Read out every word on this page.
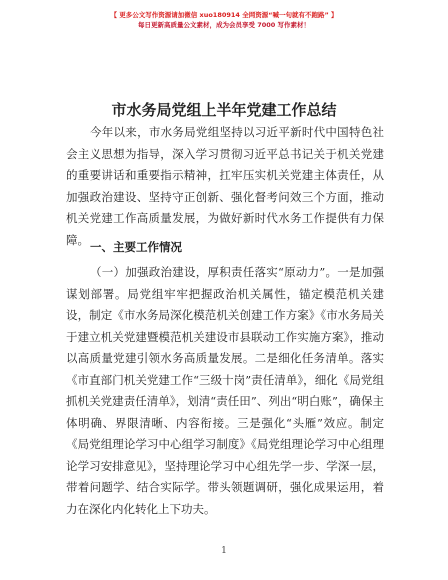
【 更多公文写作资源请加微信 xuo180914 全网资源“喊一句就有不跑路” 】
每日更新高质量公文素材，成为会员享受 7000 写作素材！
市水务局党组上半年党建工作总结

今年以来，市水务局党组坚持以习近平新时代中国特色社会主义思想为指导，深入学习贯彻习近平总书记关于机关党建的重要讲话和重要指示精神，扛牢压实机关党建主体责任，从加强政治建设、坚持守正创新、强化督考问效三个方面，推动机关党建工作高质量发展，为做好新时代水务工作提供有力保障。

一、主要工作情况

（一）加强政治建设，厚积责任落实“原动力”。一是加强谋划部署。局党组牢牢把握政治机关属性，锚定模范机关建设，制定《市水务局深化模范机关创建工作方案》《市水务局关于建立机关党建暨模范机关建设市县联动工作实施方案》，推动以高质量党建引领水务高质量发展。二是细化任务清单。落实《市直部门机关党建工作“三级十岗”责任清单》，细化《局党组抓机关党建责任清单》，划清“责任田”、列出“明白账”，确保主体明确、界限清晰、内容衔接。三是强化“头雁”效应。制定《局党组理论学习中心组学习制度》《局党组理论学习中心组理论学习安排意见》，坚持理论学习中心组先学一步、学深一层，带着问题学、结合实际学。带头领题调研，强化成果运用，着力在深化内化转化上下功夫。

1
